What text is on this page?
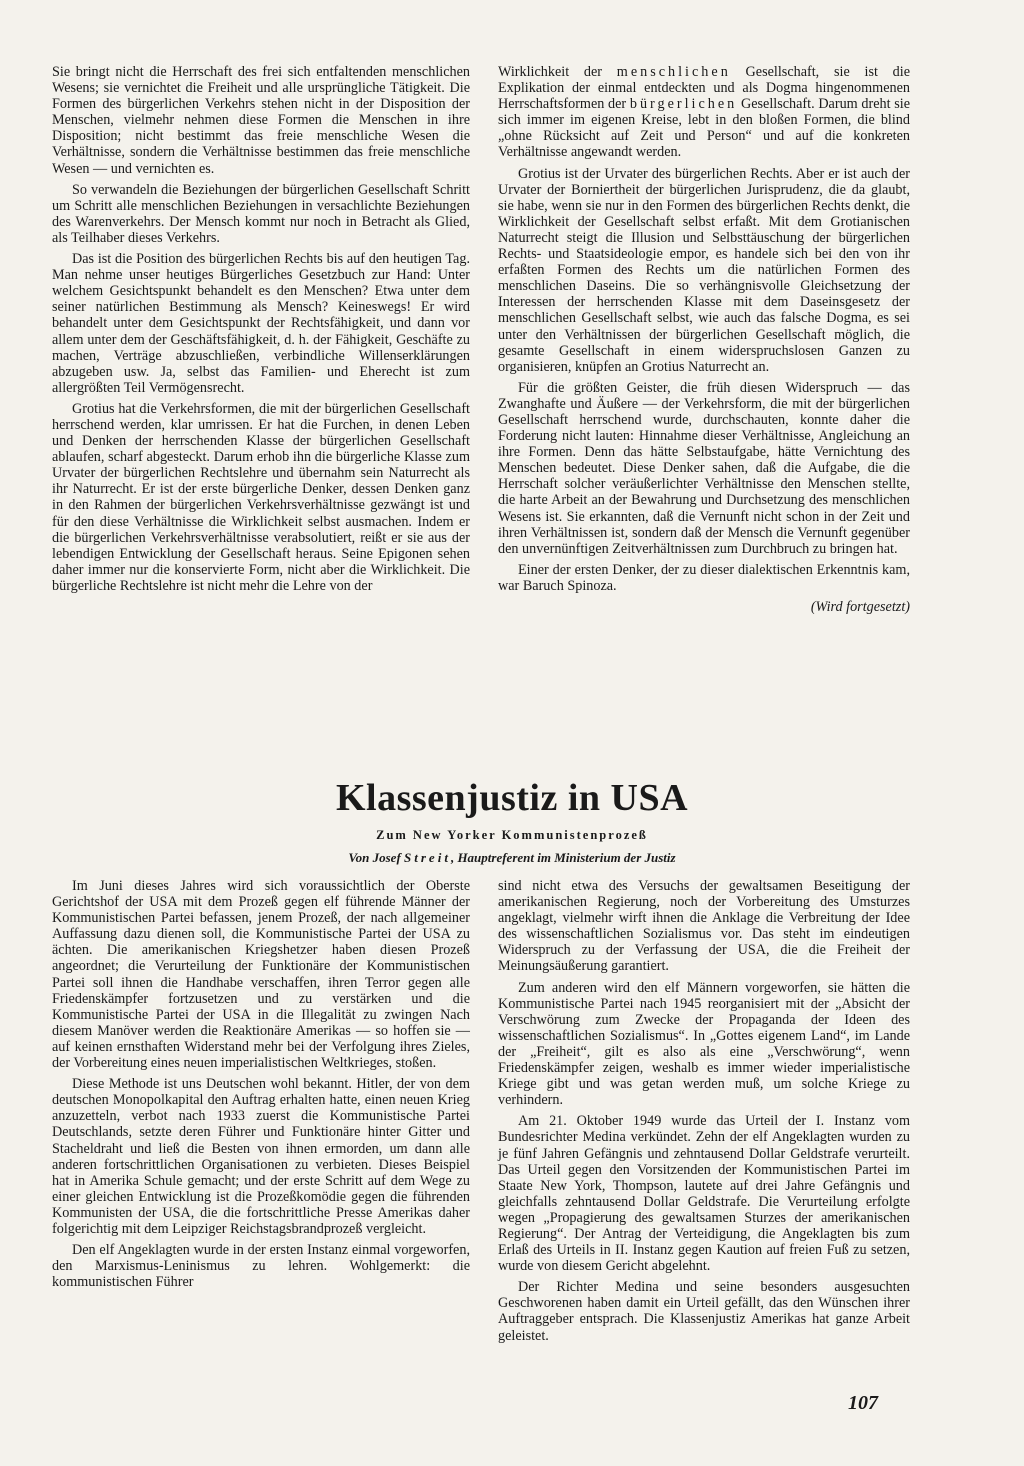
Sie bringt nicht die Herrschaft des frei sich entfaltenden menschlichen Wesens; sie vernichtet die Freiheit und alle ursprüngliche Tätigkeit. Die Formen des bürgerlichen Verkehrs stehen nicht in der Disposition der Menschen, vielmehr nehmen diese Formen die Menschen in ihre Disposition; nicht bestimmt das freie menschliche Wesen die Verhältnisse, sondern die Verhältnisse bestimmen das freie menschliche Wesen — und vernichten es.

So verwandeln die Beziehungen der bürgerlichen Gesellschaft Schritt um Schritt alle menschlichen Beziehungen in versachlichte Beziehungen des Warenverkehrs. Der Mensch kommt nur noch in Betracht als Glied, als Teilhaber dieses Verkehrs.

Das ist die Position des bürgerlichen Rechts bis auf den heutigen Tag. Man nehme unser heutiges Bürgerliches Gesetzbuch zur Hand: Unter welchem Gesichtspunkt behandelt es den Menschen? Etwa unter dem seiner natürlichen Bestimmung als Mensch? Keineswegs! Er wird behandelt unter dem Gesichtspunkt der Rechtsfähigkeit, und dann vor allem unter dem der Geschäftsfähigkeit, d. h. der Fähigkeit, Geschäfte zu machen, Verträge abzuschließen, verbindliche Willenserklärungen abzugeben usw. Ja, selbst das Familien- und Eherecht ist zum allergrößten Teil Vermögensrecht.

Grotius hat die Verkehrsformen, die mit der bürgerlichen Gesellschaft herrschend werden, klar umrissen. Er hat die Furchen, in denen Leben und Denken der herrschenden Klasse der bürgerlichen Gesellschaft ablaufen, scharf abgesteckt. Darum erhob ihn die bürgerliche Klasse zum Urvater der bürgerlichen Rechtslehre und übernahm sein Naturrecht als ihr Naturrecht. Er ist der erste bürgerliche Denker, dessen Denken ganz in den Rahmen der bürgerlichen Verkehrsverhältnisse gezwängt ist und für den diese Verhältnisse die Wirklichkeit selbst ausmachen. Indem er die bürgerlichen Verkehrsverhältnisse verabsolutiert, reißt er sie aus der lebendigen Entwicklung der Gesellschaft heraus. Seine Epigonen sehen daher immer nur die konservierte Form, nicht aber die Wirklichkeit. Die bürgerliche Rechtslehre ist nicht mehr die Lehre von der

Wirklichkeit der menschlichen Gesellschaft, sie ist die Explikation der einmal entdeckten und als Dogma hingenommenen Herrschaftsformen der bürgerlichen Gesellschaft. Darum dreht sie sich immer im eigenen Kreise, lebt in den bloßen Formen, die blind „ohne Rücksicht auf Zeit und Person“ und auf die konkreten Verhältnisse angewandt werden.

Grotius ist der Urvater des bürgerlichen Rechts. Aber er ist auch der Urvater der Borniertheit der bürgerlichen Jurisprudenz, die da glaubt, sie habe, wenn sie nur in den Formen des bürgerlichen Rechts denkt, die Wirklichkeit der Gesellschaft selbst erfaßt. Mit dem Grotianischen Naturrecht steigt die Illusion und Selbsttäuschung der bürgerlichen Rechts- und Staatsideologie empor, es handele sich bei den von ihr erfaßten Formen des Rechts um die natürlichen Formen des menschlichen Daseins. Die so verhängnisvolle Gleichsetzung der Interessen der herrschenden Klasse mit dem Daseinsgesetz der menschlichen Gesellschaft selbst, wie auch das falsche Dogma, es sei unter den Verhältnissen der bürgerlichen Gesellschaft möglich, die gesamte Gesellschaft in einem widerspruchslosen Ganzen zu organisieren, knüpfen an Grotius Naturrecht an.

Für die größten Geister, die früh diesen Widerspruch — das Zwanghafte und Äußere — der Verkehrsform, die mit der bürgerlichen Gesellschaft herrschend wurde, durchschauten, konnte daher die Forderung nicht lauten: Hinnahme dieser Verhältnisse, Angleichung an ihre Formen. Denn das hätte Selbstaufgabe, hätte Vernichtung des Menschen bedeutet. Diese Denker sahen, daß die Aufgabe, die die Herrschaft solcher veräußerlichter Verhältnisse den Menschen stellte, die harte Arbeit an der Bewahrung und Durchsetzung des menschlichen Wesens ist. Sie erkannten, daß die Vernunft nicht schon in der Zeit und ihren Verhältnissen ist, sondern daß der Mensch die Vernunft gegenüber den unvernünftigen Zeitverhältnissen zum Durchbruch zu bringen hat.

Einer der ersten Denker, der zu dieser dialektischen Erkenntnis kam, war Baruch Spinoza.

(Wird fortgesetzt)
Klassenjustiz in USA
Zum New Yorker Kommunistenprozeß
Von Josef Streit, Hauptreferent im Ministerium der Justiz

Im Juni dieses Jahres wird sich voraussichtlich der Oberste Gerichtshof der USA mit dem Prozeß gegen elf führende Männer der Kommunistischen Partei befassen, jenem Prozeß, der nach allgemeiner Auffassung dazu dienen soll, die Kommunistische Partei der USA zu ächten. Die amerikanischen Kriegshetzer haben diesen Prozeß angeordnet; die Verurteilung der Funktionäre der Kommunistischen Partei soll ihnen die Handhabe verschaffen, ihren Terror gegen alle Friedenskämpfer fortzusetzen und zu verstärken und die Kommunistische Partei der USA in die Illegalität zu zwingen Nach diesem Manöver werden die Reaktionäre Amerikas — so hoffen sie — auf keinen ernsthaften Widerstand mehr bei der Verfolgung ihres Zieles, der Vorbereitung eines neuen imperialistischen Weltkrieges, stoßen.

Diese Methode ist uns Deutschen wohl bekannt. Hitler, der von dem deutschen Monopolkapital den Auftrag erhalten hatte, einen neuen Krieg anzuzetteln, verbot nach 1933 zuerst die Kommunistische Partei Deutschlands, setzte deren Führer und Funktionäre hinter Gitter und Stacheldraht und ließ die Besten von ihnen ermorden, um dann alle anderen fortschrittlichen Organisationen zu verbieten. Dieses Beispiel hat in Amerika Schule gemacht; und der erste Schritt auf dem Wege zu einer gleichen Entwicklung ist die Prozeßkomödie gegen die führenden Kommunisten der USA, die die fortschrittliche Presse Amerikas daher folgerichtig mit dem Leipziger Reichstagsbrandprozeß vergleicht.

Den elf Angeklagten wurde in der ersten Instanz einmal vorgeworfen, den Marxismus-Leninismus zu lehren. Wohlgemerkt: die kommunistischen Führer

sind nicht etwa des Versuchs der gewaltsamen Beseitigung der amerikanischen Regierung, noch der Vorbereitung des Umsturzes angeklagt, vielmehr wirft ihnen die Anklage die Verbreitung der Idee des wissenschaftlichen Sozialismus vor. Das steht im eindeutigen Widerspruch zu der Verfassung der USA, die die Freiheit der Meinungsäußerung garantiert.

Zum anderen wird den elf Männern vorgeworfen, sie hätten die Kommunistische Partei nach 1945 reorganisiert mit der „Absicht der Verschwörung zum Zwecke der Propaganda der Ideen des wissenschaftlichen Sozialismus“. In „Gottes eigenem Land“, im Lande der „Freiheit“, gilt es also als eine „Verschwörung“, wenn Friedenskämpfer zeigen, weshalb es immer wieder imperialistische Kriege gibt und was getan werden muß, um solche Kriege zu verhindern.

Am 21. Oktober 1949 wurde das Urteil der I. Instanz vom Bundesrichter Medina verkündet. Zehn der elf Angeklagten wurden zu je fünf Jahren Gefängnis und zehntausend Dollar Geldstrafe verurteilt. Das Urteil gegen den Vorsitzenden der Kommunistischen Partei im Staate New York, Thompson, lautete auf drei Jahre Gefängnis und gleichfalls zehntausend Dollar Geldstrafe. Die Verurteilung erfolgte wegen „Propagierung des gewaltsamen Sturzes der amerikanischen Regierung“. Der Antrag der Verteidigung, die Angeklagten bis zum Erlaß des Urteils in II. Instanz gegen Kaution auf freien Fuß zu setzen, wurde von diesem Gericht abgelehnt.

Der Richter Medina und seine besonders ausgesuchten Geschworenen haben damit ein Urteil gefällt, das den Wünschen ihrer Auftraggeber entsprach. Die Klassenjustiz Amerikas hat ganze Arbeit geleistet.

107
